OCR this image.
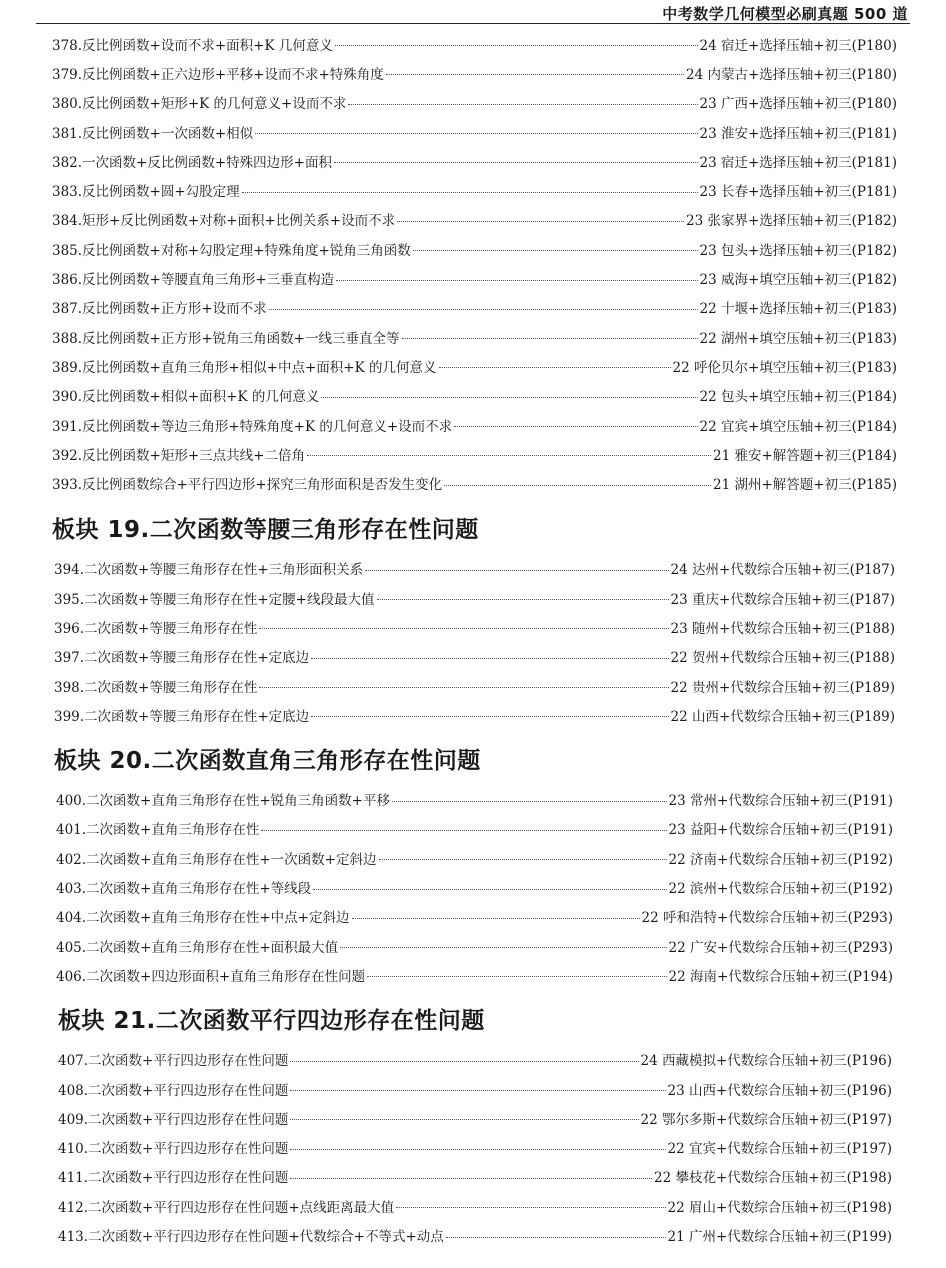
中考数学几何模型必刷真题 500 道
378.反比例函数+设而不求+面积+K 几何意义	24 宿迁+选择压轴+初三(P180)
379.反比例函数+正六边形+平移+设而不求+特殊角度	24 内蒙古+选择压轴+初三(P180)
380.反比例函数+矩形+K 的几何意义+设而不求	23 广西+选择压轴+初三(P180)
381.反比例函数+一次函数+相似	23 淮安+选择压轴+初三(P181)
382.一次函数+反比例函数+特殊四边形+面积	23 宿迁+选择压轴+初三(P181)
383.反比例函数+圆+勾股定理	23 长春+选择压轴+初三(P181)
384.矩形+反比例函数+对称+面积+比例关系+设而不求	23 张家界+选择压轴+初三(P182)
385.反比例函数+对称+勾股定理+特殊角度+锐角三角函数	23 包头+选择压轴+初三(P182)
386.反比例函数+等腰直角三角形+三垂直构造	23 威海+填空压轴+初三(P182)
387.反比例函数+正方形+设而不求	22 十堰+选择压轴+初三(P183)
388.反比例函数+正方形+锐角三角函数+一线三垂直全等	22 湖州+填空压轴+初三(P183)
389.反比例函数+直角三角形+相似+中点+面积+K 的几何意义	22 呼伦贝尔+填空压轴+初三(P183)
390.反比例函数+相似+面积+K 的几何意义	22 包头+填空压轴+初三(P184)
391.反比例函数+等边三角形+特殊角度+K 的几何意义+设而不求	22 宜宾+填空压轴+初三(P184)
392.反比例函数+矩形+三点共线+二倍角	21 雅安+解答题+初三(P184)
393.反比例函数综合+平行四边形+探究三角形面积是否发生变化	21 湖州+解答题+初三(P185)
板块 19.二次函数等腰三角形存在性问题
394.二次函数+等腰三角形存在性+三角形面积关系	24 达州+代数综合压轴+初三(P187)
395.二次函数+等腰三角形存在性+定腰+线段最大值	23 重庆+代数综合压轴+初三(P187)
396.二次函数+等腰三角形存在性	23 随州+代数综合压轴+初三(P188)
397.二次函数+等腰三角形存在性+定底边	22 贺州+代数综合压轴+初三(P188)
398.二次函数+等腰三角形存在性	22 贵州+代数综合压轴+初三(P189)
399.二次函数+等腰三角形存在性+定底边	22 山西+代数综合压轴+初三(P189)
板块 20.二次函数直角三角形存在性问题
400.二次函数+直角三角形存在性+锐角三角函数+平移	23 常州+代数综合压轴+初三(P191)
401.二次函数+直角三角形存在性	23 益阳+代数综合压轴+初三(P191)
402.二次函数+直角三角形存在性+一次函数+定斜边	22 济南+代数综合压轴+初三(P192)
403.二次函数+直角三角形存在性+等线段	22 滨州+代数综合压轴+初三(P192)
404.二次函数+直角三角形存在性+中点+定斜边	22 呼和浩特+代数综合压轴+初三(P293)
405.二次函数+直角三角形存在性+面积最大值	22 广安+代数综合压轴+初三(P293)
406.二次函数+四边形面积+直角三角形存在性问题	22 海南+代数综合压轴+初三(P194)
板块 21.二次函数平行四边形存在性问题
407.二次函数+平行四边形存在性问题	24 西藏模拟+代数综合压轴+初三(P196)
408.二次函数+平行四边形存在性问题	23 山西+代数综合压轴+初三(P196)
409.二次函数+平行四边形存在性问题	22 鄂尔多斯+代数综合压轴+初三(P197)
410.二次函数+平行四边形存在性问题	22 宜宾+代数综合压轴+初三(P197)
411.二次函数+平行四边形存在性问题	22 攀枝花+代数综合压轴+初三(P198)
412.二次函数+平行四边形存在性问题+点线距离最大值	22 眉山+代数综合压轴+初三(P198)
413.二次函数+平行四边形存在性问题+代数综合+不等式+动点	21 广州+代数综合压轴+初三(P199)
